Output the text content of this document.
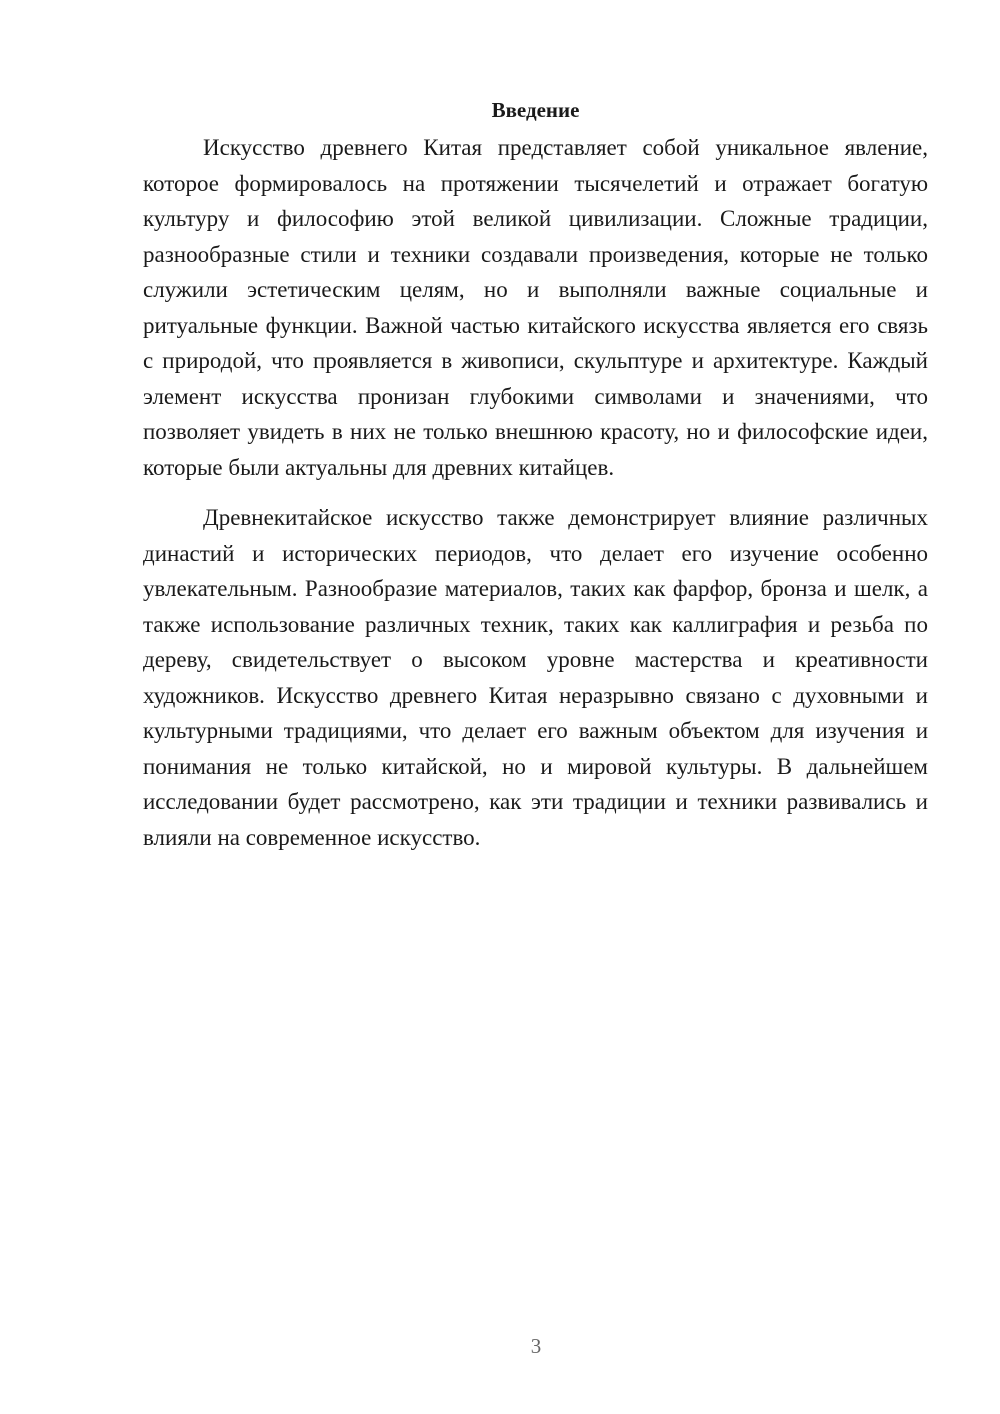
Введение

Искусство древнего Китая представляет собой уникальное явление, которое формировалось на протяжении тысячелетий и отражает богатую культуру и философию этой великой цивилизации. Сложные традиции, разнообразные стили и техники создавали произведения, которые не только служили эстетическим целям, но и выполняли важные социальные и ритуальные функции. Важной частью китайского искусства является его связь с природой, что проявляется в живописи, скульптуре и архитектуре. Каждый элемент искусства пронизан глубокими символами и значениями, что позволяет увидеть в них не только внешнюю красоту, но и философские идеи, которые были актуальны для древних китайцев.

Древнекитайское искусство также демонстрирует влияние различных династий и исторических периодов, что делает его изучение особенно увлекательным. Разнообразие материалов, таких как фарфор, бронза и шелк, а также использование различных техник, таких как каллиграфия и резьба по дереву, свидетельствует о высоком уровне мастерства и креативности художников. Искусство древнего Китая неразрывно связано с духовными и культурными традициями, что делает его важным объектом для изучения и понимания не только китайской, но и мировой культуры. В дальнейшем исследовании будет рассмотрено, как эти традиции и техники развивались и влияли на современное искусство.

3
